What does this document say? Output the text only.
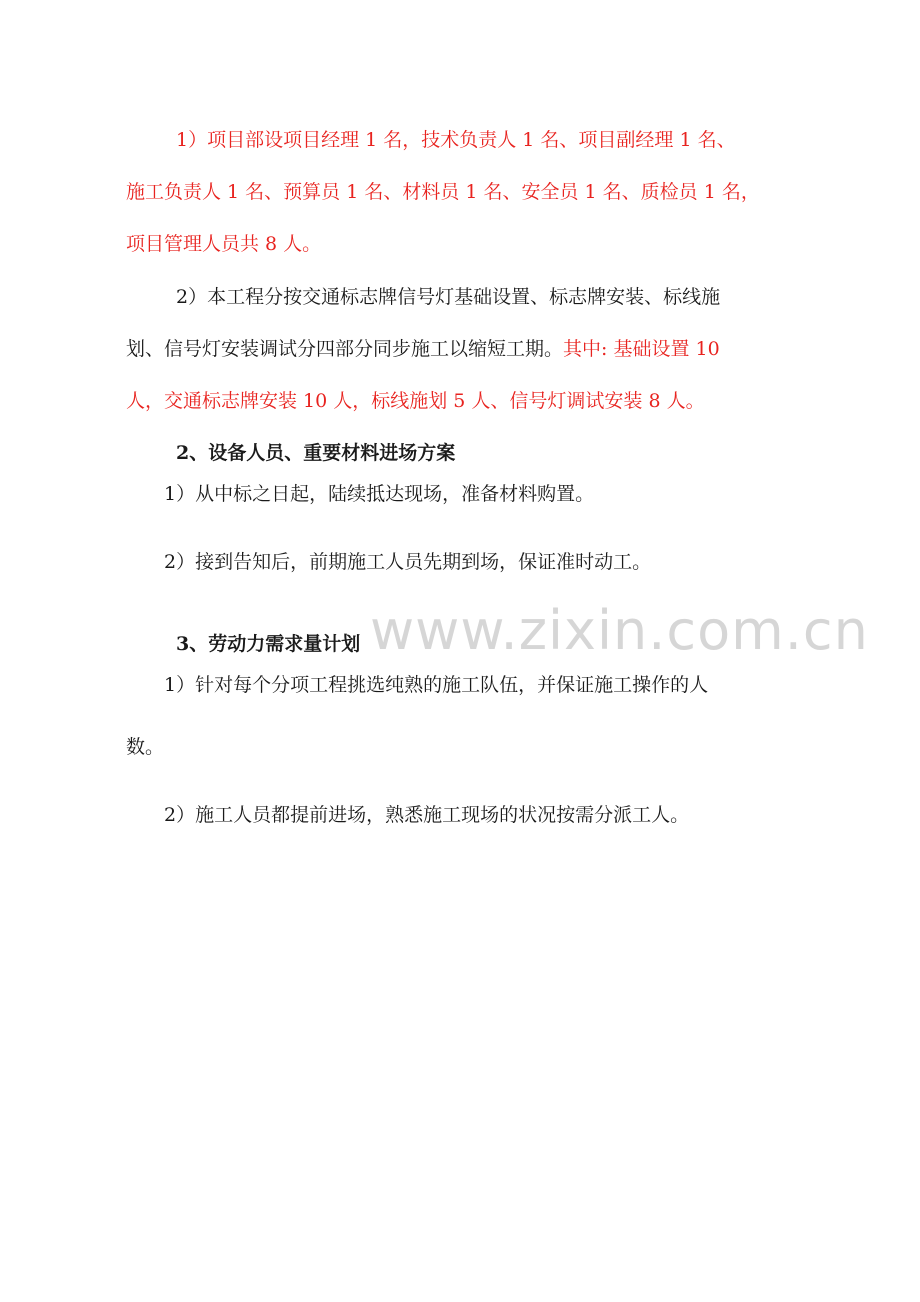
www.zixin.com.cn
1）项目部设项目经理 1 名，技术负责人 1 名、项目副经理 1 名、
施工负责人 1 名、预算员 1 名、材料员 1 名、安全员 1 名、质检员 1 名，
项目管理人员共 8 人。
2）本工程分按交通标志牌信号灯基础设置、标志牌安装、标线施
划、信号灯安装调试分四部分同步施工以缩短工期。其中: 基础设置 10
人，交通标志牌安装 10 人，标线施划 5 人、信号灯调试安装 8 人。
2、设备人员、重要材料进场方案
1）从中标之日起，陆续抵达现场，准备材料购置。
2）接到告知后，前期施工人员先期到场，保证准时动工。
3、劳动力需求量计划
1）针对每个分项工程挑选纯熟的施工队伍，并保证施工操作的人
数。
2）施工人员都提前进场，熟悉施工现场的状况按需分派工人。
